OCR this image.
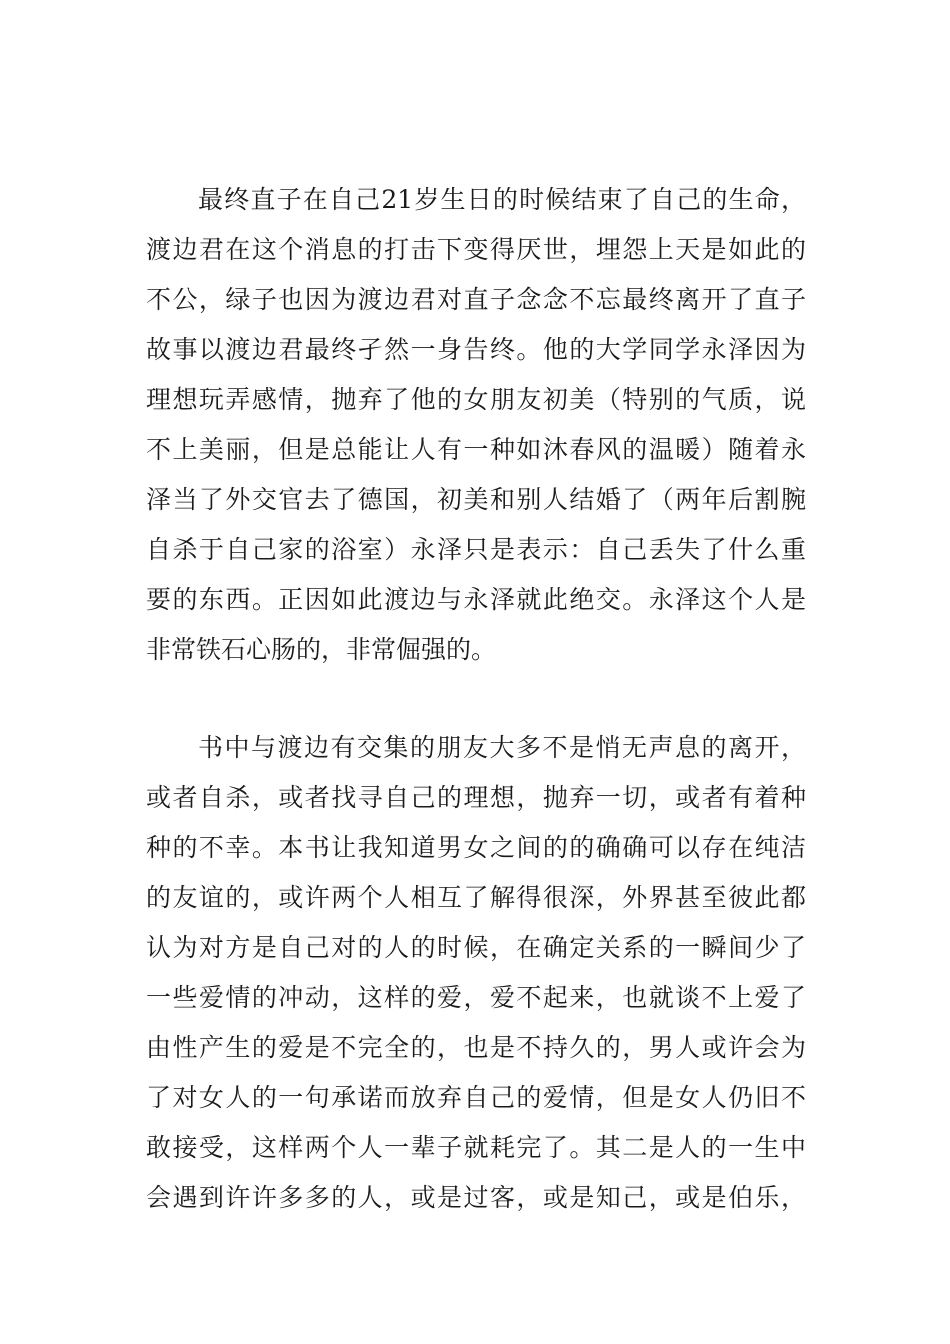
最终直子在自己21岁生日的时候结束了自己的生命，
渡边君在这个消息的打击下变得厌世，埋怨上天是如此的
不公，绿子也因为渡边君对直子念念不忘最终离开了直子
故事以渡边君最终孑然一身告终。他的大学同学永泽因为
理想玩弄感情，抛弃了他的女朋友初美（特别的气质，说
不上美丽，但是总能让人有一种如沐春风的温暖）随着永
泽当了外交官去了德国，初美和别人结婚了（两年后割腕
自杀于自己家的浴室）永泽只是表示：自己丢失了什么重
要的东西。正因如此渡边与永泽就此绝交。永泽这个人是
非常铁石心肠的，非常倔强的。
书中与渡边有交集的朋友大多不是悄无声息的离开，
或者自杀，或者找寻自己的理想，抛弃一切，或者有着种
种的不幸。本书让我知道男女之间的的确确可以存在纯洁
的友谊的，或许两个人相互了解得很深，外界甚至彼此都
认为对方是自己对的人的时候，在确定关系的一瞬间少了
一些爱情的冲动，这样的爱，爱不起来，也就谈不上爱了
由性产生的爱是不完全的，也是不持久的，男人或许会为
了对女人的一句承诺而放弃自己的爱情，但是女人仍旧不
敢接受，这样两个人一辈子就耗完了。其二是人的一生中
会遇到许许多多的人，或是过客，或是知己，或是伯乐，
